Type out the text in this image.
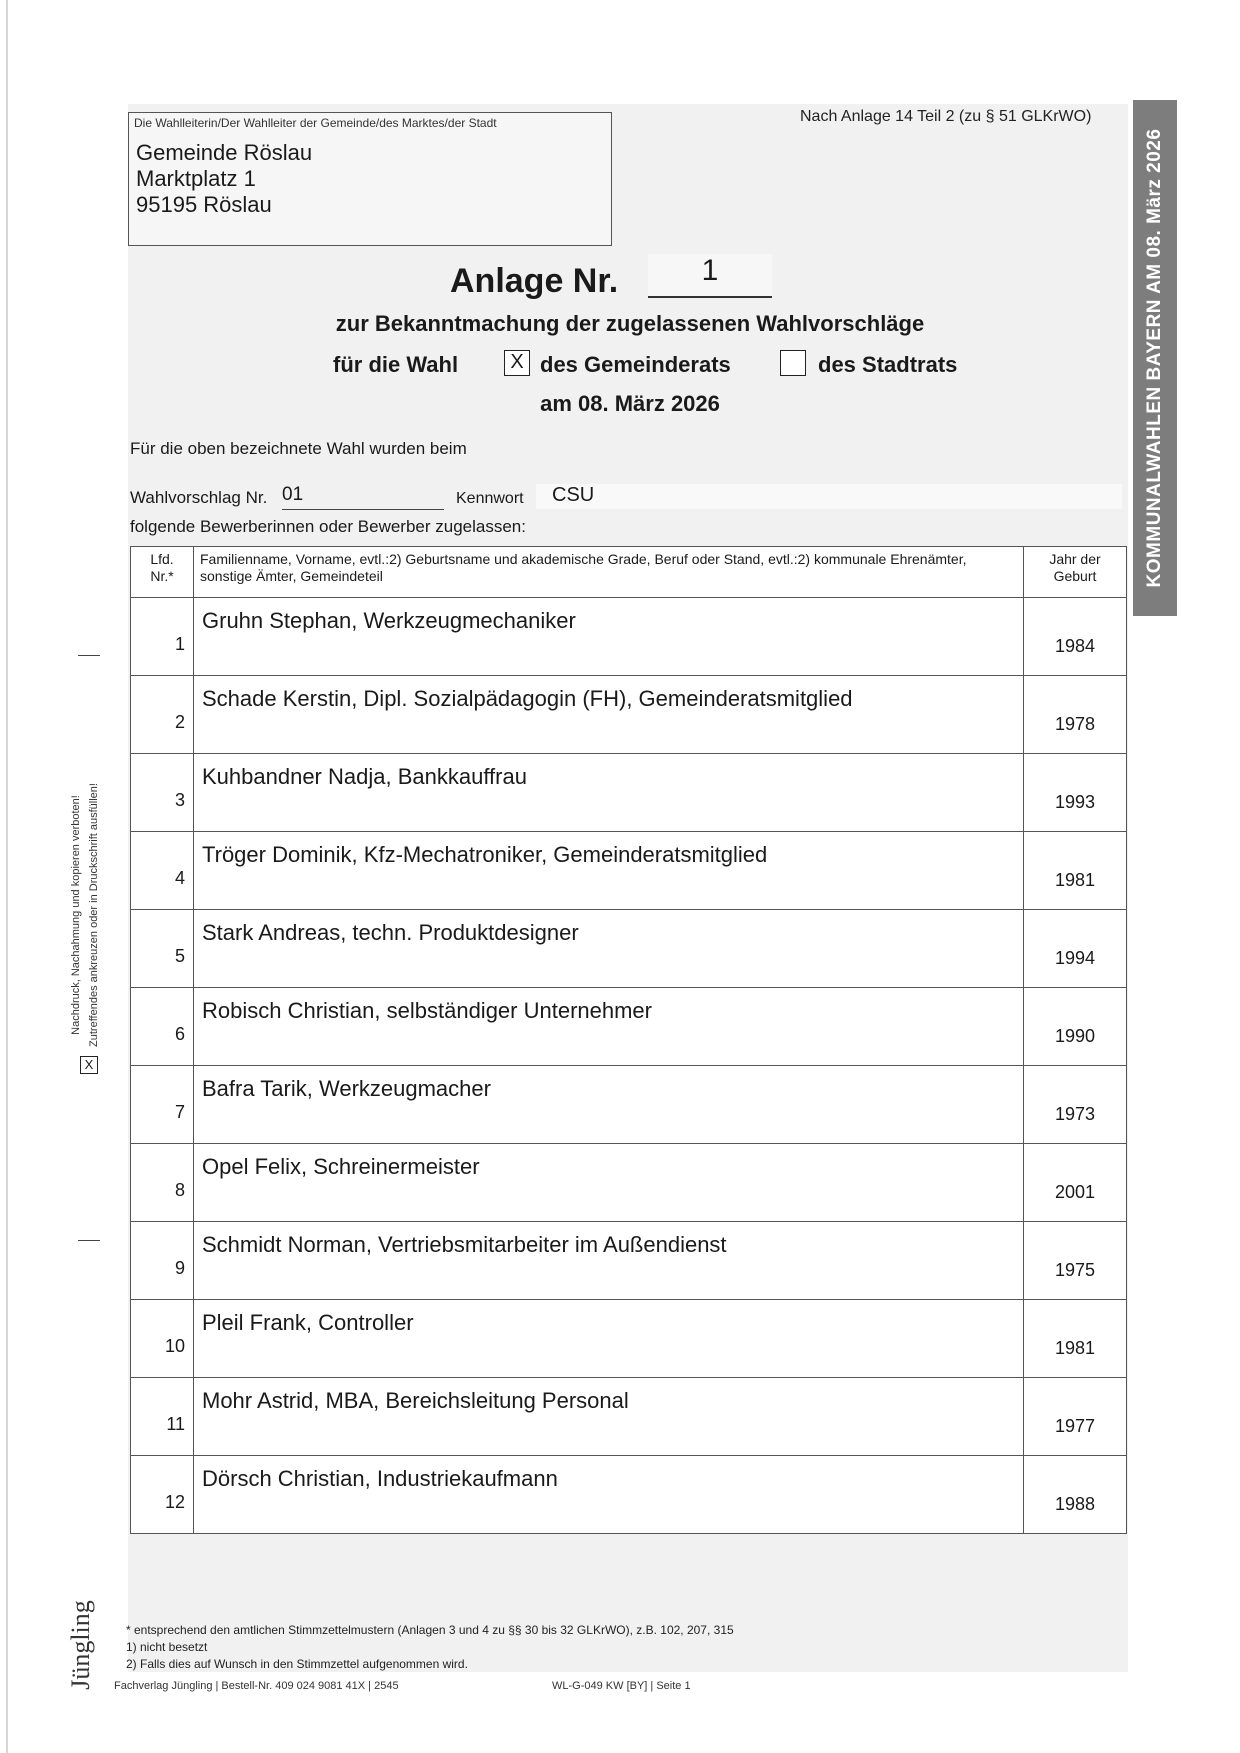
Die Wahlleiterin/Der Wahlleiter der Gemeinde/des Marktes/der Stadt
Gemeinde Röslau
Marktplatz 1
95195 Röslau
Nach Anlage 14 Teil 2 (zu § 51 GLKrWO)
KOMMUNALWAHLEN BAYERN AM 08. März 2026
Anlage Nr.	1
zur Bekanntmachung der zugelassenen Wahlvorschläge
für die Wahl	X des Gemeinderats	des Stadtrats
am 08. März 2026
Für die oben bezeichnete Wahl wurden beim
Wahlvorschlag Nr. 01	Kennwort	CSU
folgende Bewerberinnen oder Bewerber zugelassen:
Lfd. Nr.*	Familienname, Vorname, evtl.:2) Geburtsname und akademische Grade, Beruf oder Stand, evtl.:2) kommunale Ehrenämter, sonstige Ämter, Gemeindeteil	Jahr der Geburt

1	Gruhn Stephan, Werkzeugmechaniker	1984

2	Schade Kerstin, Dipl. Sozialpädagogin (FH), Gemeinderatsmitglied	1978

3	Kuhbandner Nadja, Bankkauffrau	1993

4	Tröger Dominik, Kfz-Mechatroniker, Gemeinderatsmitglied	1981

5	Stark Andreas, techn. Produktdesigner	1994

6	Robisch Christian, selbständiger Unternehmer	1990

7	Bafra Tarik, Werkzeugmacher	1973

8	Opel Felix, Schreinermeister	2001

9	Schmidt Norman, Vertriebsmitarbeiter im Außendienst	1975

10	Pleil Frank, Controller	1981

11	Mohr Astrid, MBA, Bereichsleitung Personal	1977

12	Dörsch Christian, Industriekaufmann	1988
* entsprechend den amtlichen Stimmzettelmustern (Anlagen 3 und 4 zu §§ 30 bis 32 GLKrWO), z.B. 102, 207, 315
1) nicht besetzt
2) Falls dies auf Wunsch in den Stimmzettel aufgenommen wird.
Fachverlag Jüngling | Bestell-Nr. 409 024 9081 41X | 2545	WL-G-049 KW [BY] | Seite 1
Nachdruck, Nachahmung und kopieren verboten! Zutreffendes ankreuzen oder in Druckschrift ausfüllen!
X
Jüngling
